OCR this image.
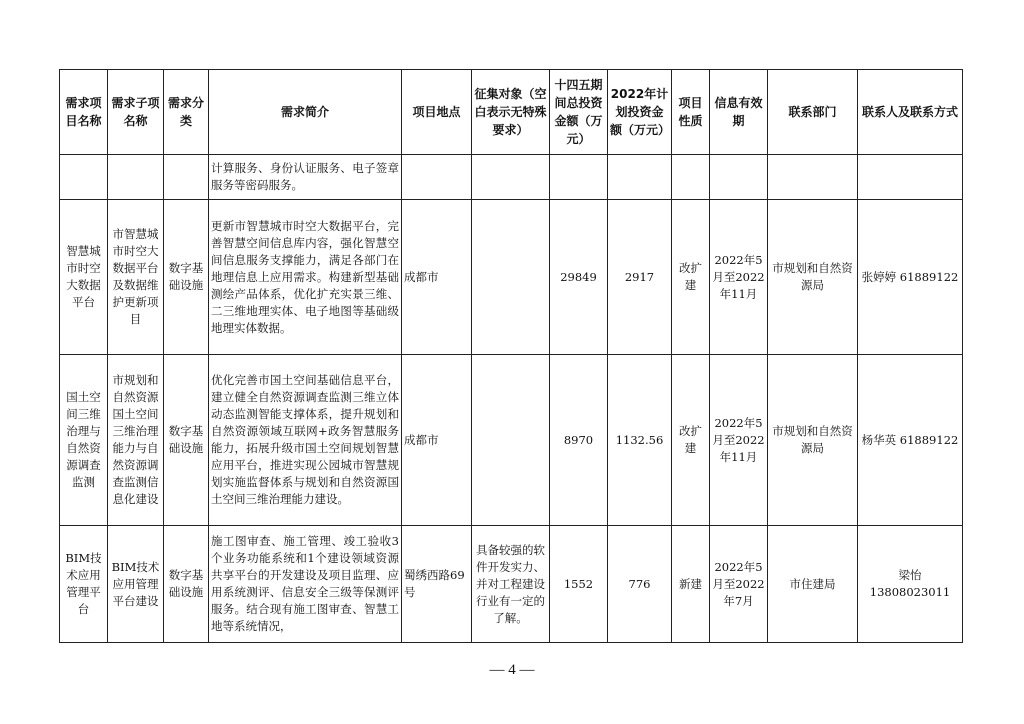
需求项目名称	需求子项名称	需求分类	需求简介	项目地点	征集对象（空白表示无特殊要求）	十四五期间总投资金额（万元）	2022年计划投资金额（万元）	项目性质	信息有效期	联系部门	联系人及联系方式
			计算服务、身份认证服务、电子签章服务等密码服务。								
智慧城市时空大数据平台	市智慧城市时空大数据平台及数据维护更新项目	数字基础设施	更新市智慧城市时空大数据平台，完善智慧空间信息库内容，强化智慧空间信息服务支撑能力，满足各部门在地理信息上应用需求。构建新型基础测绘产品体系，优化扩充实景三维、二三维地理实体、电子地图等基础级地理实体数据。	成都市		29849	2917	改扩建	2022年5月至2022年11月	市规划和自然资源局	张婷婷 61889122
国土空间三维治理与自然资源调查监测	市规划和自然资源国土空间三维治理能力与自然资源调查监测信息化建设	数字基础设施	优化完善市国土空间基础信息平台，建立健全自然资源调查监测三维立体动态监测智能支撑体系，提升规划和自然资源领域互联网+政务智慧服务能力，拓展升级市国土空间规划智慧应用平台，推进实现公园城市智慧规划实施监督体系与规划和自然资源国土空间三维治理能力建设。	成都市		8970	1132.56	改扩建	2022年5月至2022年11月	市规划和自然资源局	杨华英 61889122
BIM技术应用管理平台	BIM技术应用管理平台建设	数字基础设施	施工图审查、施工管理、竣工验收3个业务功能系统和1个建设领域资源共享平台的开发建设及项目监理、应用系统测评、信息安全三级等保测评服务。结合现有施工图审查、智慧工地等系统情况，	蜀绣西路69号	具备较强的软件开发实力、并对工程建设行业有一定的了解。	1552	776	新建	2022年5月至2022年7月	市住建局	梁怡 13808023011
— 4 —
